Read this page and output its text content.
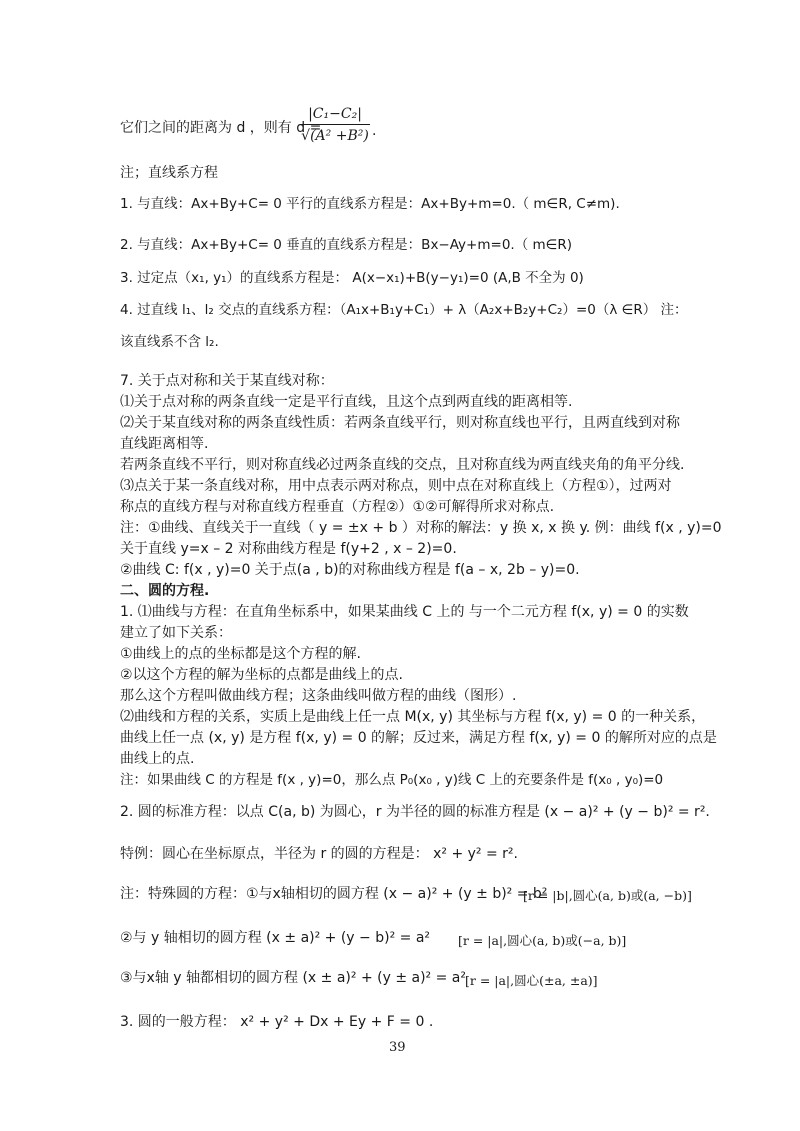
它们之间的距离为 d ，则有 d =
$\frac{\text{|C₁−C₂|}}{\text{√(A² +B²)}}$ .
注；直线系方程
1. 与直线：Ax+By+C= 0 平行的直线系方程是：Ax+By+m=0.（ m∈R, C≠m).
2. 与直线：Ax+By+C= 0 垂直的直线系方程是：Bx−Ay+m=0.（ m∈R)
3. 过定点（x₁, y₁）的直线系方程是： A(x−x₁)+B(y−y₁)=0 (A,B 不全为 0)
4. 过直线 l₁、l₂ 交点的直线系方程：（A₁x+B₁y+C₁）+ λ（A₂x+B₂y+C₂）=0（λ ∈R） 注：
该直线系不含 l₂.
7. 关于点对称和关于某直线对称：
⑴关于点对称的两条直线一定是平行直线，且这个点到两直线的距离相等.
⑵关于某直线对称的两条直线性质：若两条直线平行，则对称直线也平行，且两直线到对称
直线距离相等.
若两条直线不平行，则对称直线必过两条直线的交点，且对称直线为两直线夹角的角平分线.
⑶点关于某一条直线对称，用中点表示两对称点，则中点在对称直线上（方程①），过两对
称点的直线方程与对称直线方程垂直（方程②）①②可解得所求对称点.
注：①曲线、直线关于一直线（ y = ±x + b ）对称的解法：y 换 x, x 换 y. 例：曲线 f(x , y)=0
关于直线 y=x – 2 对称曲线方程是 f(y+2 , x – 2)=0.
②曲线 C: f(x , y)=0 关于点(a , b)的对称曲线方程是 f(a – x, 2b – y)=0.
二、圆的方程.
1. ⑴曲线与方程：在直角坐标系中，如果某曲线 C 上的 与一个二元方程 f(x, y) = 0 的实数
建立了如下关系：
①曲线上的点的坐标都是这个方程的解.
②以这个方程的解为坐标的点都是曲线上的点.
那么这个方程叫做曲线方程；这条曲线叫做方程的曲线（图形）.
⑵曲线和方程的关系，实质上是曲线上任一点 M(x, y) 其坐标与方程 f(x, y) = 0 的一种关系，
曲线上任一点 (x, y) 是方程 f(x, y) = 0 的解；反过来，满足方程 f(x, y) = 0 的解所对应的点是
曲线上的点.
注：如果曲线 C 的方程是 f(x , y)=0，那么点 P₀(x₀ , y)线 C 上的充要条件是 f(x₀ , y₀)=0
2. 圆的标准方程：以点 C(a, b) 为圆心，r 为半径的圆的标准方程是 (x − a)² + (y − b)² = r².
特例：圆心在坐标原点，半径为 r 的圆的方程是： x² + y² = r².
注：特殊圆的方程：①与x轴相切的圆方程 (x − a)² + (y ± b)² = b²
[r = |b|,圆心(a, b)或(a, −b)]
②与 y 轴相切的圆方程 (x ± a)² + (y − b)² = a² [r = |a|,圆心(a, b)或(−a, b)]
③与x轴 y 轴都相切的圆方程 (x ± a)² + (y ± a)² = a² [r = |a|,圆心(±a, ±a)]
3. 圆的一般方程： x² + y² + Dx + Ey + F = 0 .
39
